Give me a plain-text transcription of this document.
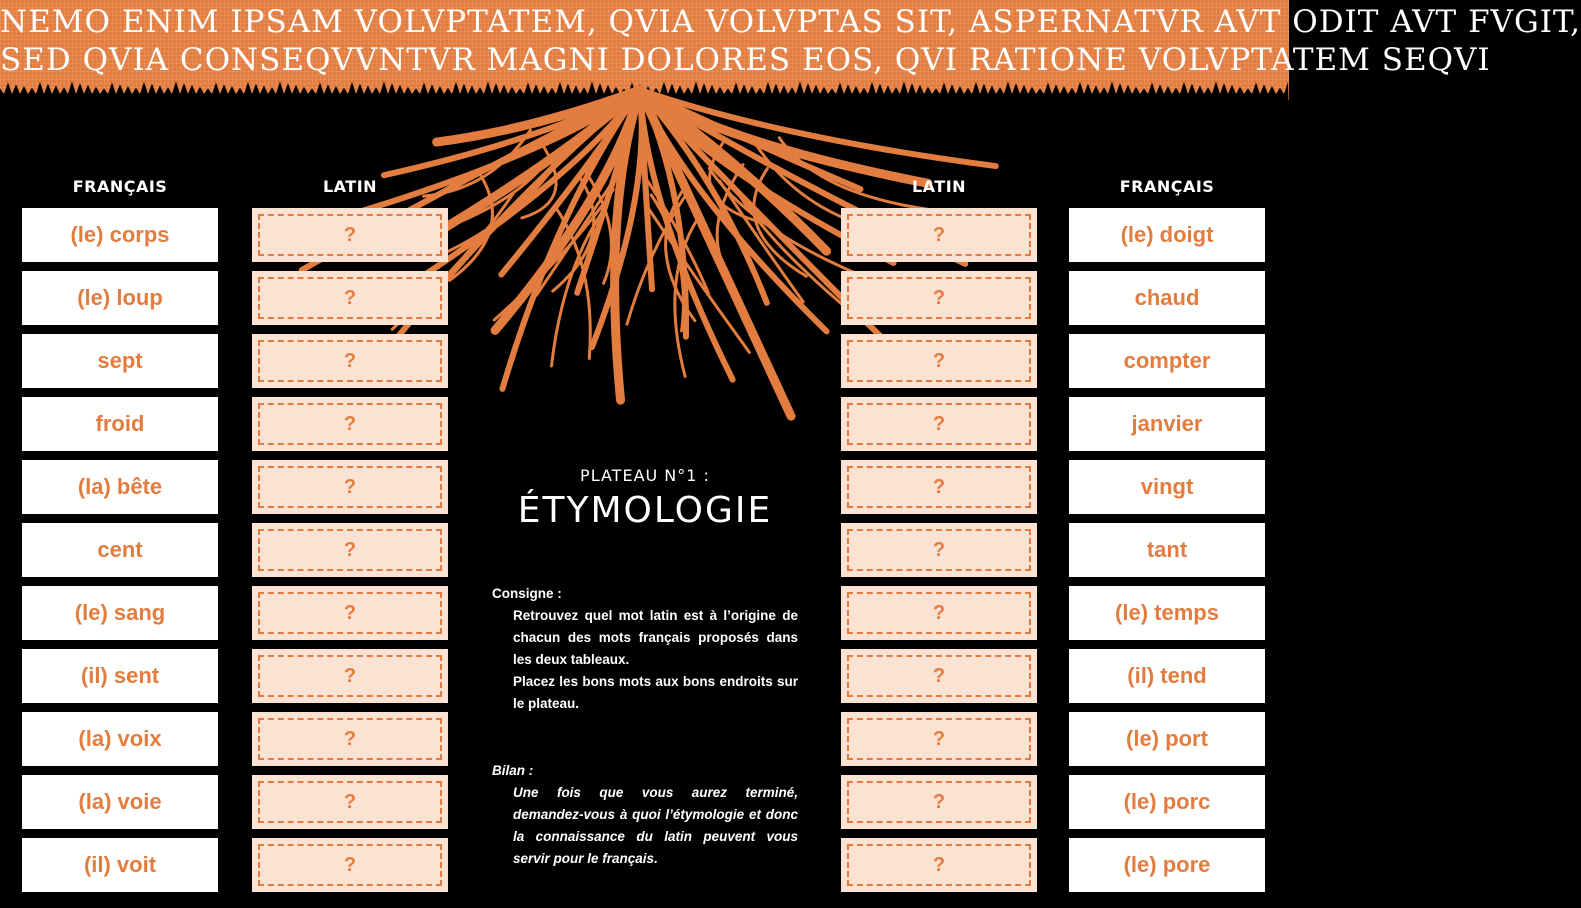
NEMO ENIM IPSAM VOLVPTATEM, QVIA VOLVPTAS SIT, ASPERNATVR AVT ODIT AVT FVGIT,
SED QVIA CONSEQVVNTVR MAGNI DOLORES EOS, QVI RATIONE VOLVPTATEM SEQVI
FRANÇAIS	LATIN	LATIN	FRANÇAIS
(le) corps	?
(le) loup	?
sept	?
froid	?
(la) bête	?
cent	?
(le) sang	?
(il) sent	?
(la) voix	?
(la) voie	?
(il) voit	?
?	(le) doigt
?	chaud
?	compter
?	janvier
?	vingt
?	tant
?	(le) temps
?	(il) tend
?	(le) port
?	(le) porc
?	(le) pore
PLATEAU N°1 :
ÉTYMOLOGIE
Consigne :

Retrouvez quel mot latin est à l’origine de chacun des mots français proposés dans les deux tableaux.

Placez les bons mots aux bons endroits sur le plateau.

Bilan :

Une fois que vous aurez terminé, demandez-vous à quoi l’étymologie et donc la connaissance du latin peuvent vous servir pour le français.
